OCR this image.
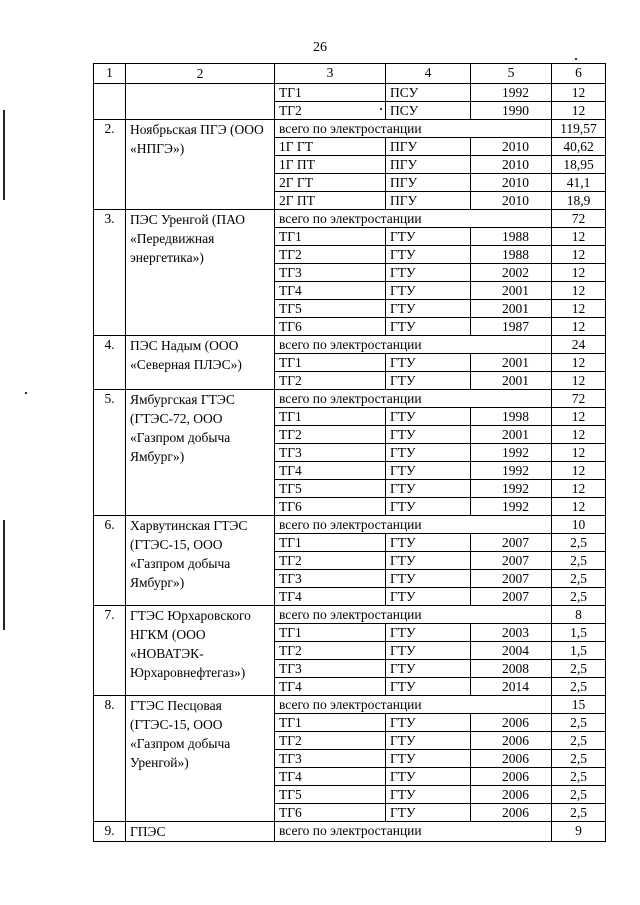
26
1	2	3	4	5	6
		ТГ1	ПСУ	1992	12
		ТГ2	ПСУ	1990	12
2.	Ноябрьская ПГЭ (ООО «НПГЭ»)	всего по электростанции			119,57
		1Г ГТ	ПГУ	2010	40,62
		1Г ПТ	ПГУ	2010	18,95
		2Г ГТ	ПГУ	2010	41,1
		2Г ПТ	ПГУ	2010	18,9
3.	ПЭС Уренгой (ПАО «Передвижная энергетика»)	всего по электростанции			72
		ТГ1	ГТУ	1988	12
		ТГ2	ГТУ	1988	12
		ТГ3	ГТУ	2002	12
		ТГ4	ГТУ	2001	12
		ТГ5	ГТУ	2001	12
		ТГ6	ГТУ	1987	12
4.	ПЭС Надым (ООО «Северная ПЛЭС»)	всего по электростанции			24
		ТГ1	ГТУ	2001	12
		ТГ2	ГТУ	2001	12
5.	Ямбургская ГТЭС (ГТЭС-72, ООО «Газпром добыча Ямбург»)	всего по электростанции			72
		ТГ1	ГТУ	1998	12
		ТГ2	ГТУ	2001	12
		ТГ3	ГТУ	1992	12
		ТГ4	ГТУ	1992	12
		ТГ5	ГТУ	1992	12
		ТГ6	ГТУ	1992	12
6.	Харвутинская ГТЭС (ГТЭС-15, ООО «Газпром добыча Ямбург»)	всего по электростанции			10
		ТГ1	ГТУ	2007	2,5
		ТГ2	ГТУ	2007	2,5
		ТГ3	ГТУ	2007	2,5
		ТГ4	ГТУ	2007	2,5
7.	ГТЭС Юрхаровского НГКМ (ООО «НОВАТЭК-Юрхаровнефтегаз»)	всего по электростанции			8
		ТГ1	ГТУ	2003	1,5
		ТГ2	ГТУ	2004	1,5
		ТГ3	ГТУ	2008	2,5
		ТГ4	ГТУ	2014	2,5
8.	ГТЭС Песцовая (ГТЭС-15, ООО «Газпром добыча Уренгой»)	всего по электростанции			15
		ТГ1	ГТУ	2006	2,5
		ТГ2	ГТУ	2006	2,5
		ТГ3	ГТУ	2006	2,5
		ТГ4	ГТУ	2006	2,5
		ТГ5	ГТУ	2006	2,5
		ТГ6	ГТУ	2006	2,5
9.	ГПЭС	всего по электростанции			9
